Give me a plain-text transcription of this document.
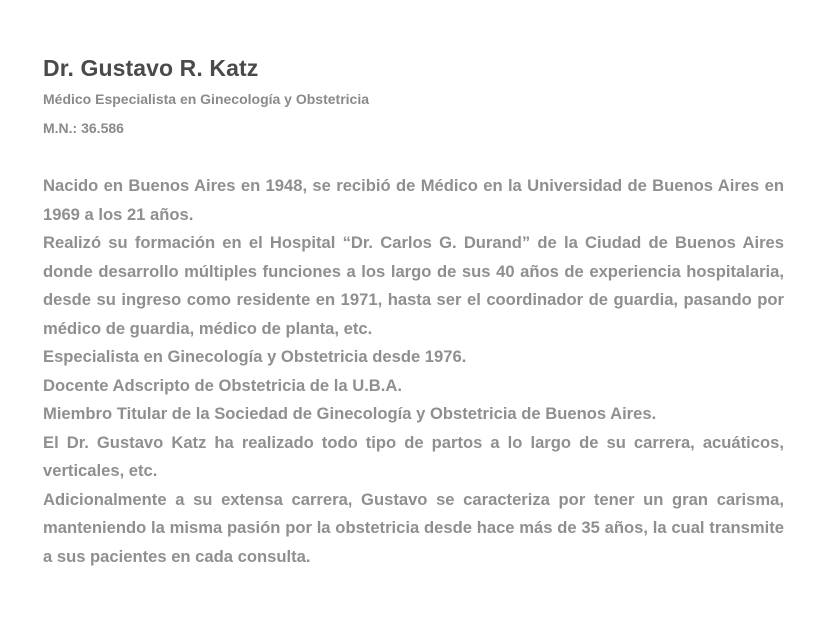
Dr. Gustavo R. Katz
Médico Especialista en Ginecología y Obstetricia
M.N.: 36.586

Nacido en Buenos Aires en 1948, se recibió de Médico en la Universidad de Buenos Aires en 1969 a los 21 años.

Realizó su formación en el Hospital “Dr. Carlos G. Durand” de la Ciudad de Buenos Aires donde desarrollo múltiples funciones a los largo de sus 40 años de experiencia hospitalaria, desde su ingreso como residente en 1971, hasta ser el coordinador de guardia, pasando por médico de guardia, médico de planta, etc.

Especialista en Ginecología y Obstetricia desde 1976.

Docente Adscripto de Obstetricia de la U.B.A.

Miembro Titular de la Sociedad de Ginecología y Obstetricia de Buenos Aires.

El Dr. Gustavo Katz ha realizado todo tipo de partos a lo largo de su carrera, acuáticos, verticales, etc.

Adicionalmente a su extensa carrera, Gustavo se caracteriza por tener un gran carisma, manteniendo la misma pasión por la obstetricia desde hace más de 35 años, la cual transmite a sus pacientes en cada consulta.
